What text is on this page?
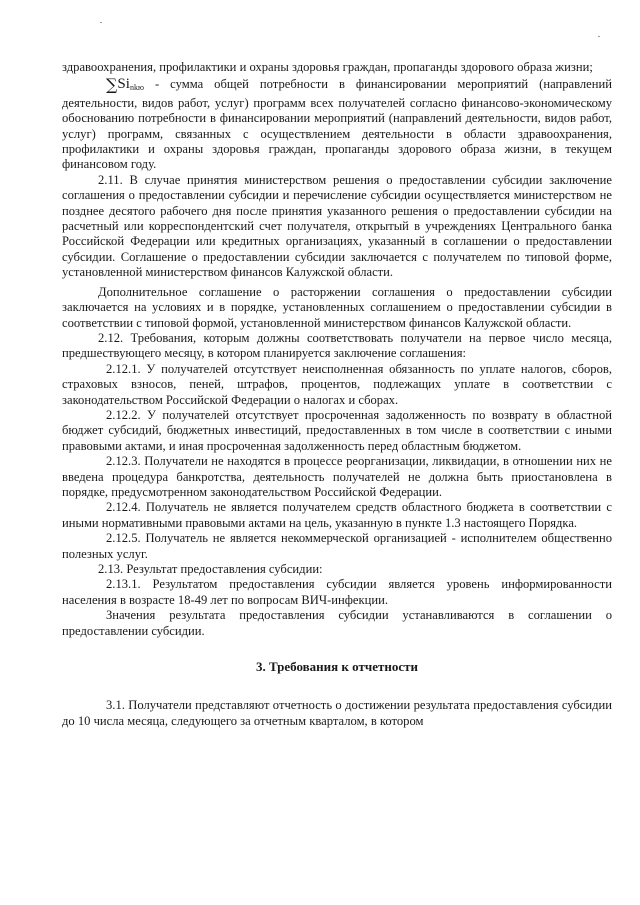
здравоохранения, профилактики и охраны здоровья граждан, пропаганды здорового образа жизни;

$\sum Si_{nkю}$ - сумма общей потребности в финансировании мероприятий (направлений деятельности, видов работ, услуг) программ всех получателей согласно финансово-экономическому обоснованию потребности в финансировании мероприятий (направлений деятельности, видов работ, услуг) программ, связанных с осуществлением деятельности в области здравоохранения, профилактики и охраны здоровья граждан, пропаганды здорового образа жизни, в текущем финансовом году.

2.11. В случае принятия министерством решения о предоставлении субсидии заключение соглашения о предоставлении субсидии и перечисление субсидии осуществляется министерством не позднее десятого рабочего дня после принятия указанного решения о предоставлении субсидии на расчетный или корреспондентский счет получателя, открытый в учреждениях Центрального банка Российской Федерации или кредитных организациях, указанный в соглашении о предоставлении субсидии. Соглашение о предоставлении субсидии заключается с получателем по типовой форме, установленной министерством финансов Калужской области.

Дополнительное соглашение о расторжении соглашения о предоставлении субсидии заключается на условиях и в порядке, установленных соглашением о предоставлении субсидии в соответствии с типовой формой, установленной министерством финансов Калужской области.

2.12. Требования, которым должны соответствовать получатели на первое число месяца, предшествующего месяцу, в котором планируется заключение соглашения:

2.12.1. У получателей отсутствует неисполненная обязанность по уплате налогов, сборов, страховых взносов, пеней, штрафов, процентов, подлежащих уплате в соответствии с законодательством Российской Федерации о налогах и сборах.

2.12.2. У получателей отсутствует просроченная задолженность по возврату в областной бюджет субсидий, бюджетных инвестиций, предоставленных в том числе в соответствии с иными правовыми актами, и иная просроченная задолженность перед областным бюджетом.

2.12.3. Получатели не находятся в процессе реорганизации, ликвидации, в отношении них не введена процедура банкротства, деятельность получателей не должна быть приостановлена в порядке, предусмотренном законодательством Российской Федерации.

2.12.4. Получатель не является получателем средств областного бюджета в соответствии с иными нормативными правовыми актами на цель, указанную в пункте 1.3 настоящего Порядка.

2.12.5. Получатель не является некоммерческой организацией - исполнителем общественно полезных услуг.

2.13. Результат предоставления субсидии:

2.13.1. Результатом предоставления субсидии является уровень информированности населения в возрасте 18-49 лет по вопросам ВИЧ-инфекции.

Значения результата предоставления субсидии устанавливаются в соглашении о предоставлении субсидии.

3. Требования к отчетности

3.1. Получатели представляют отчетность о достижении результата предоставления субсидии до 10 числа месяца, следующего за отчетным кварталом, в котором
